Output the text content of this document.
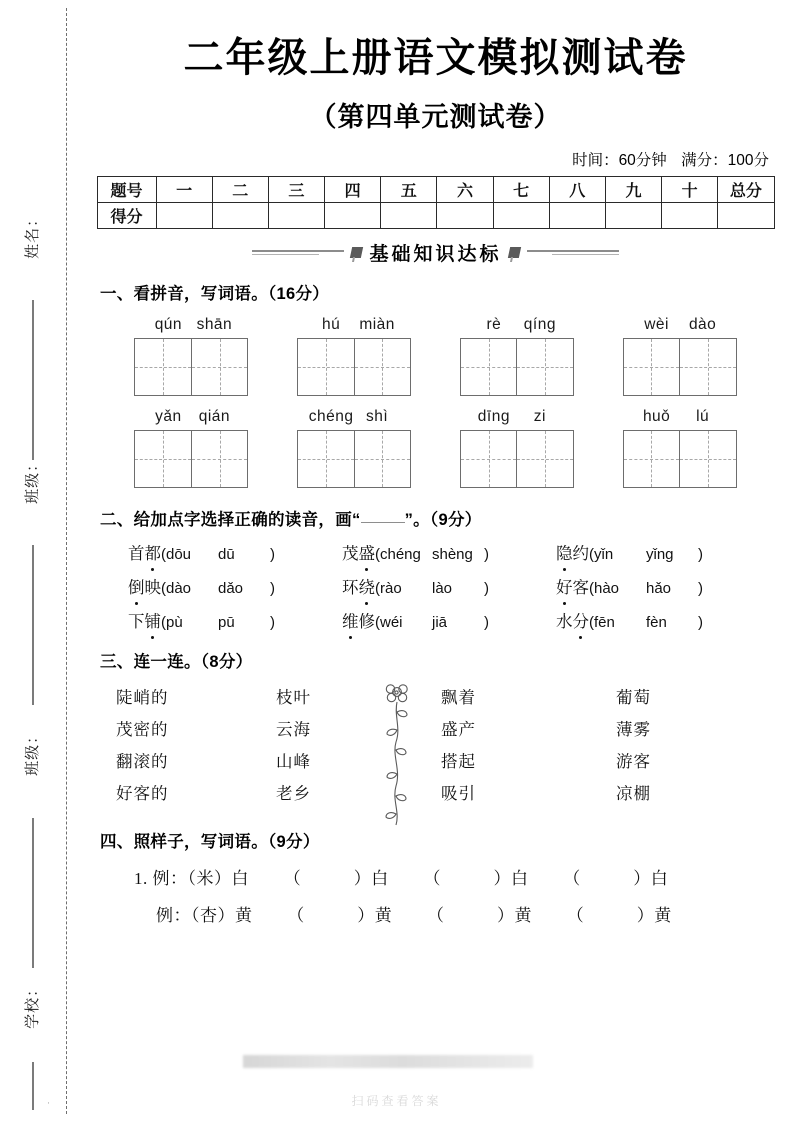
姓名：
班级：
班级：
学校：
·
二年级上册语文模拟测试卷
（第四单元测试卷）
时间：60分钟 满分：100分
题号	一	二	三	四	五	六	七	八	九	十	总分
得分											
基础知识达标
一、看拼音，写词语。（16分）
qún shān	hú miàn	rè qíng	wèi dào
yǎn qián	chéng shì	dīng zi	huǒ lú
二、给加点字选择正确的读音，画“	”。（9分）
首都(dōu dū )	茂盛(chéng shèng )	隐约(yǐn yǐng )
倒映(dào dǎo )	环绕(rào lào )	好客(hào hǎo )
下铺(pù pū )	维修(wéi jiā )	水分(fēn fèn )
三、连一连。（8分）
陡峭的
茂密的
翻滚的
好客的
枝叶
云海
山峰
老乡
飘着
盛产
搭起
吸引
葡萄
薄雾
游客
凉棚
四、照样子，写词语。（9分）
1. 例：（米）白 （　　　）白 （　　　）白 （　　　）白
例：（杏）黄 （　　　）黄 （　　　）黄 （　　　）黄
扫码查看答案
